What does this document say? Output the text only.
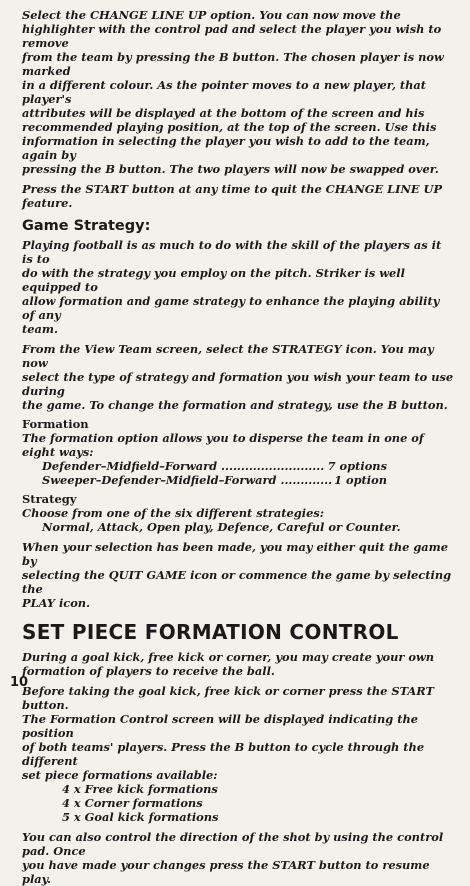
Select the CHANGE LINE UP option. You can now move the

highlighter with the control pad and select the player you wish to remove

from the team by pressing the B button. The chosen player is now marked

in a different colour. As the pointer moves to a new player, that player's

attributes will be displayed at the bottom of the screen and his

recommended playing position, at the top of the screen. Use this

information in selecting the player you wish to add to the team, again by

pressing the B button. The two players will now be swapped over.

Press the START button at any time to quit the CHANGE LINE UP

feature.

Game Strategy:

Playing football is as much to do with the skill of the players as it is to

do with the strategy you employ on the pitch. Striker is well equipped to

allow formation and game strategy to enhance the playing ability of any

team.

From the View Team screen, select the STRATEGY icon. You may now

select the type of strategy and formation you wish your team to use during

the game. To change the formation and strategy, use the B button.

Formation

The formation option allows you to disperse the team in one of eight ways:

Defender–Midfield–Forward .......................... 7 options
Sweeper–Defender–Midfield–Forward ............. 1 option
Strategy

Choose from one of the six different strategies:

Normal, Attack, Open play, Defence, Careful or Counter.

When your selection has been made, you may either quit the game by

selecting the QUIT GAME icon or commence the game by selecting the

PLAY icon.

SET PIECE FORMATION CONTROL

During a goal kick, free kick or corner, you may create your own

formation of players to receive the ball.

Before taking the goal kick, free kick or corner press the START button.

The Formation Control screen will be displayed indicating the position

of both teams' players. Press the B button to cycle through the different

set piece formations available:

4 x Free kick formations

4 x Corner formations

5 x Goal kick formations

You can also control the direction of the shot by using the control pad. Once

you have made your changes press the START button to resume play.

10
